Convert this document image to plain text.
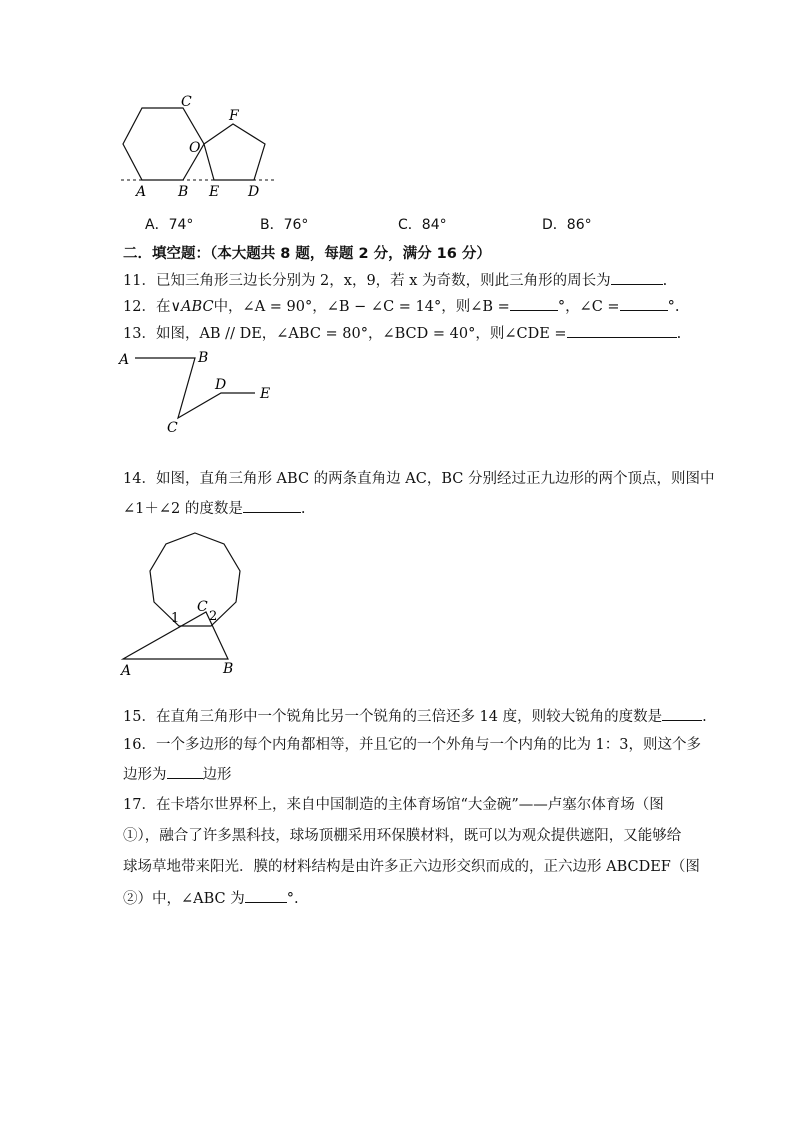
C
F
O
A B E D
A．74°	B．76°	C．84°	D．86°
二．填空题：（本大题共 8 题，每题 2 分，满分 16 分）
11．已知三角形三边长分别为 2，x，9，若 x 为奇数，则此三角形的周长为	.
12．在∨ABC中，∠A = 90°，∠B − ∠C = 14°，则∠B =	°，∠C =	°.
13．如图，AB // DE，∠ABC = 80°，∠BCD = 40°，则∠CDE =	.
A	B
D
E
C
14．如图，直角三角形 ABC 的两条直角边 AC，BC 分别经过正九边形的两个顶点，则图中
∠1＋∠2 的度数是	.
1
C
2
A	B
15．在直角三角形中一个锐角比另一个锐角的三倍还多 14 度，则较大锐角的度数是	.
16．一个多边形的每个内角都相等，并且它的一个外角与一个内角的比为 1：3，则这个多
边形为 边形
17．在卡塔尔世界杯上，来自中国制造的主体育场馆“大金碗”——卢塞尔体育场（图
①），融合了许多黑科技，球场顶棚采用环保膜材料，既可以为观众提供遮阳，又能够给
球场草地带来阳光．膜的材料结构是由许多正六边形交织而成的，正六边形 ABCDEF（图
②）中，∠ABC 为	°.
